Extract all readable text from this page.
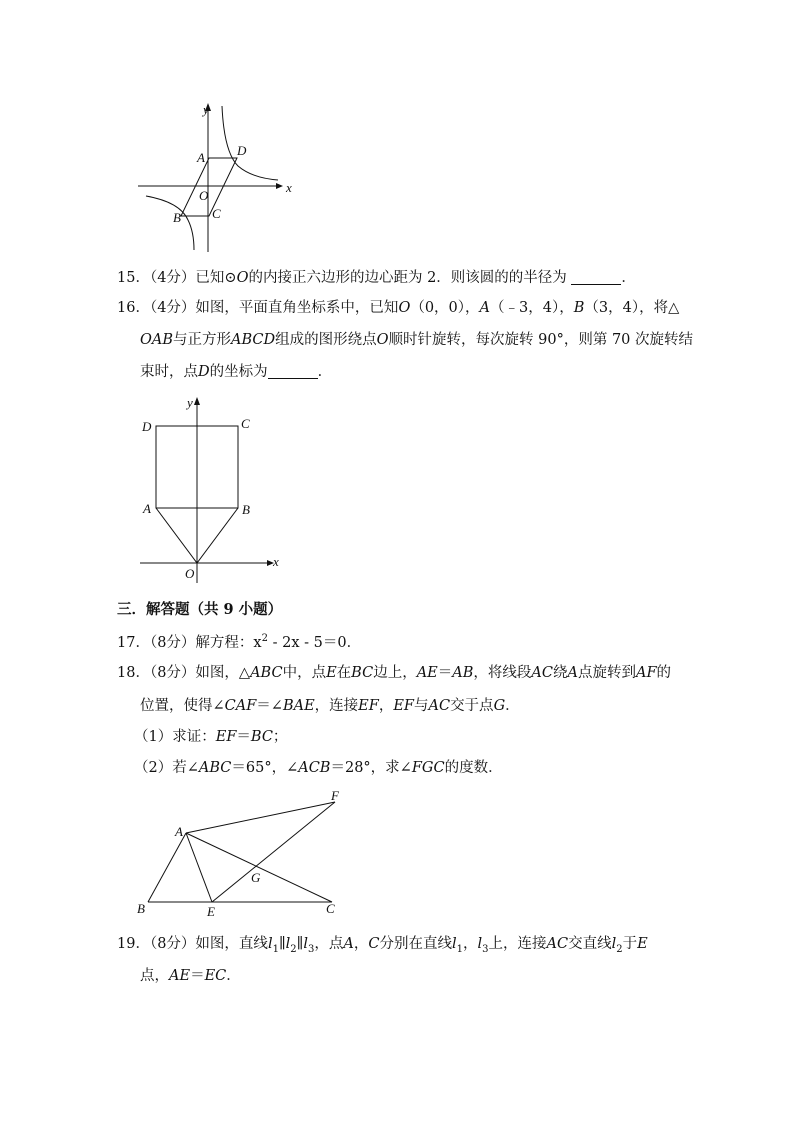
y
x
A D
O
B C
15．（4分）已知⊙O的内接正六边形的边心距为 2．则该圆的的半径为	．
16．（4分）如图，平面直角坐标系中，已知O（0，0），A（﹣3，4），B（3，4），将△
OAB与正方形ABCD组成的图形绕点O顺时针旋转，每次旋转 90°，则第 70 次旋转结
束时，点D的坐标为	．
y
x
D	C
A	B
O
三．解答题（共 9 小题）
17．（8分）解方程：$x^2 - 2x - 5=0$．
18．（8分）如图，△ABC中，点E在BC边上，AE＝AB，将线段AC绕A点旋转到AF的
位置，使得∠CAF＝∠BAE，连接EF，EF与AC交于点G．
（1）求证：EF＝BC；
（2）若∠ABC＝65°，∠ACB＝28°，求∠FGC的度数．
F
A
G
B	E	C
19．（8分）如图，直线$l_1\parallel l_2\parallel l_3$，点A，C分别在直线$l_1$，$l_3$上，连接AC交直线$l_2$于E
点，AE＝EC．
